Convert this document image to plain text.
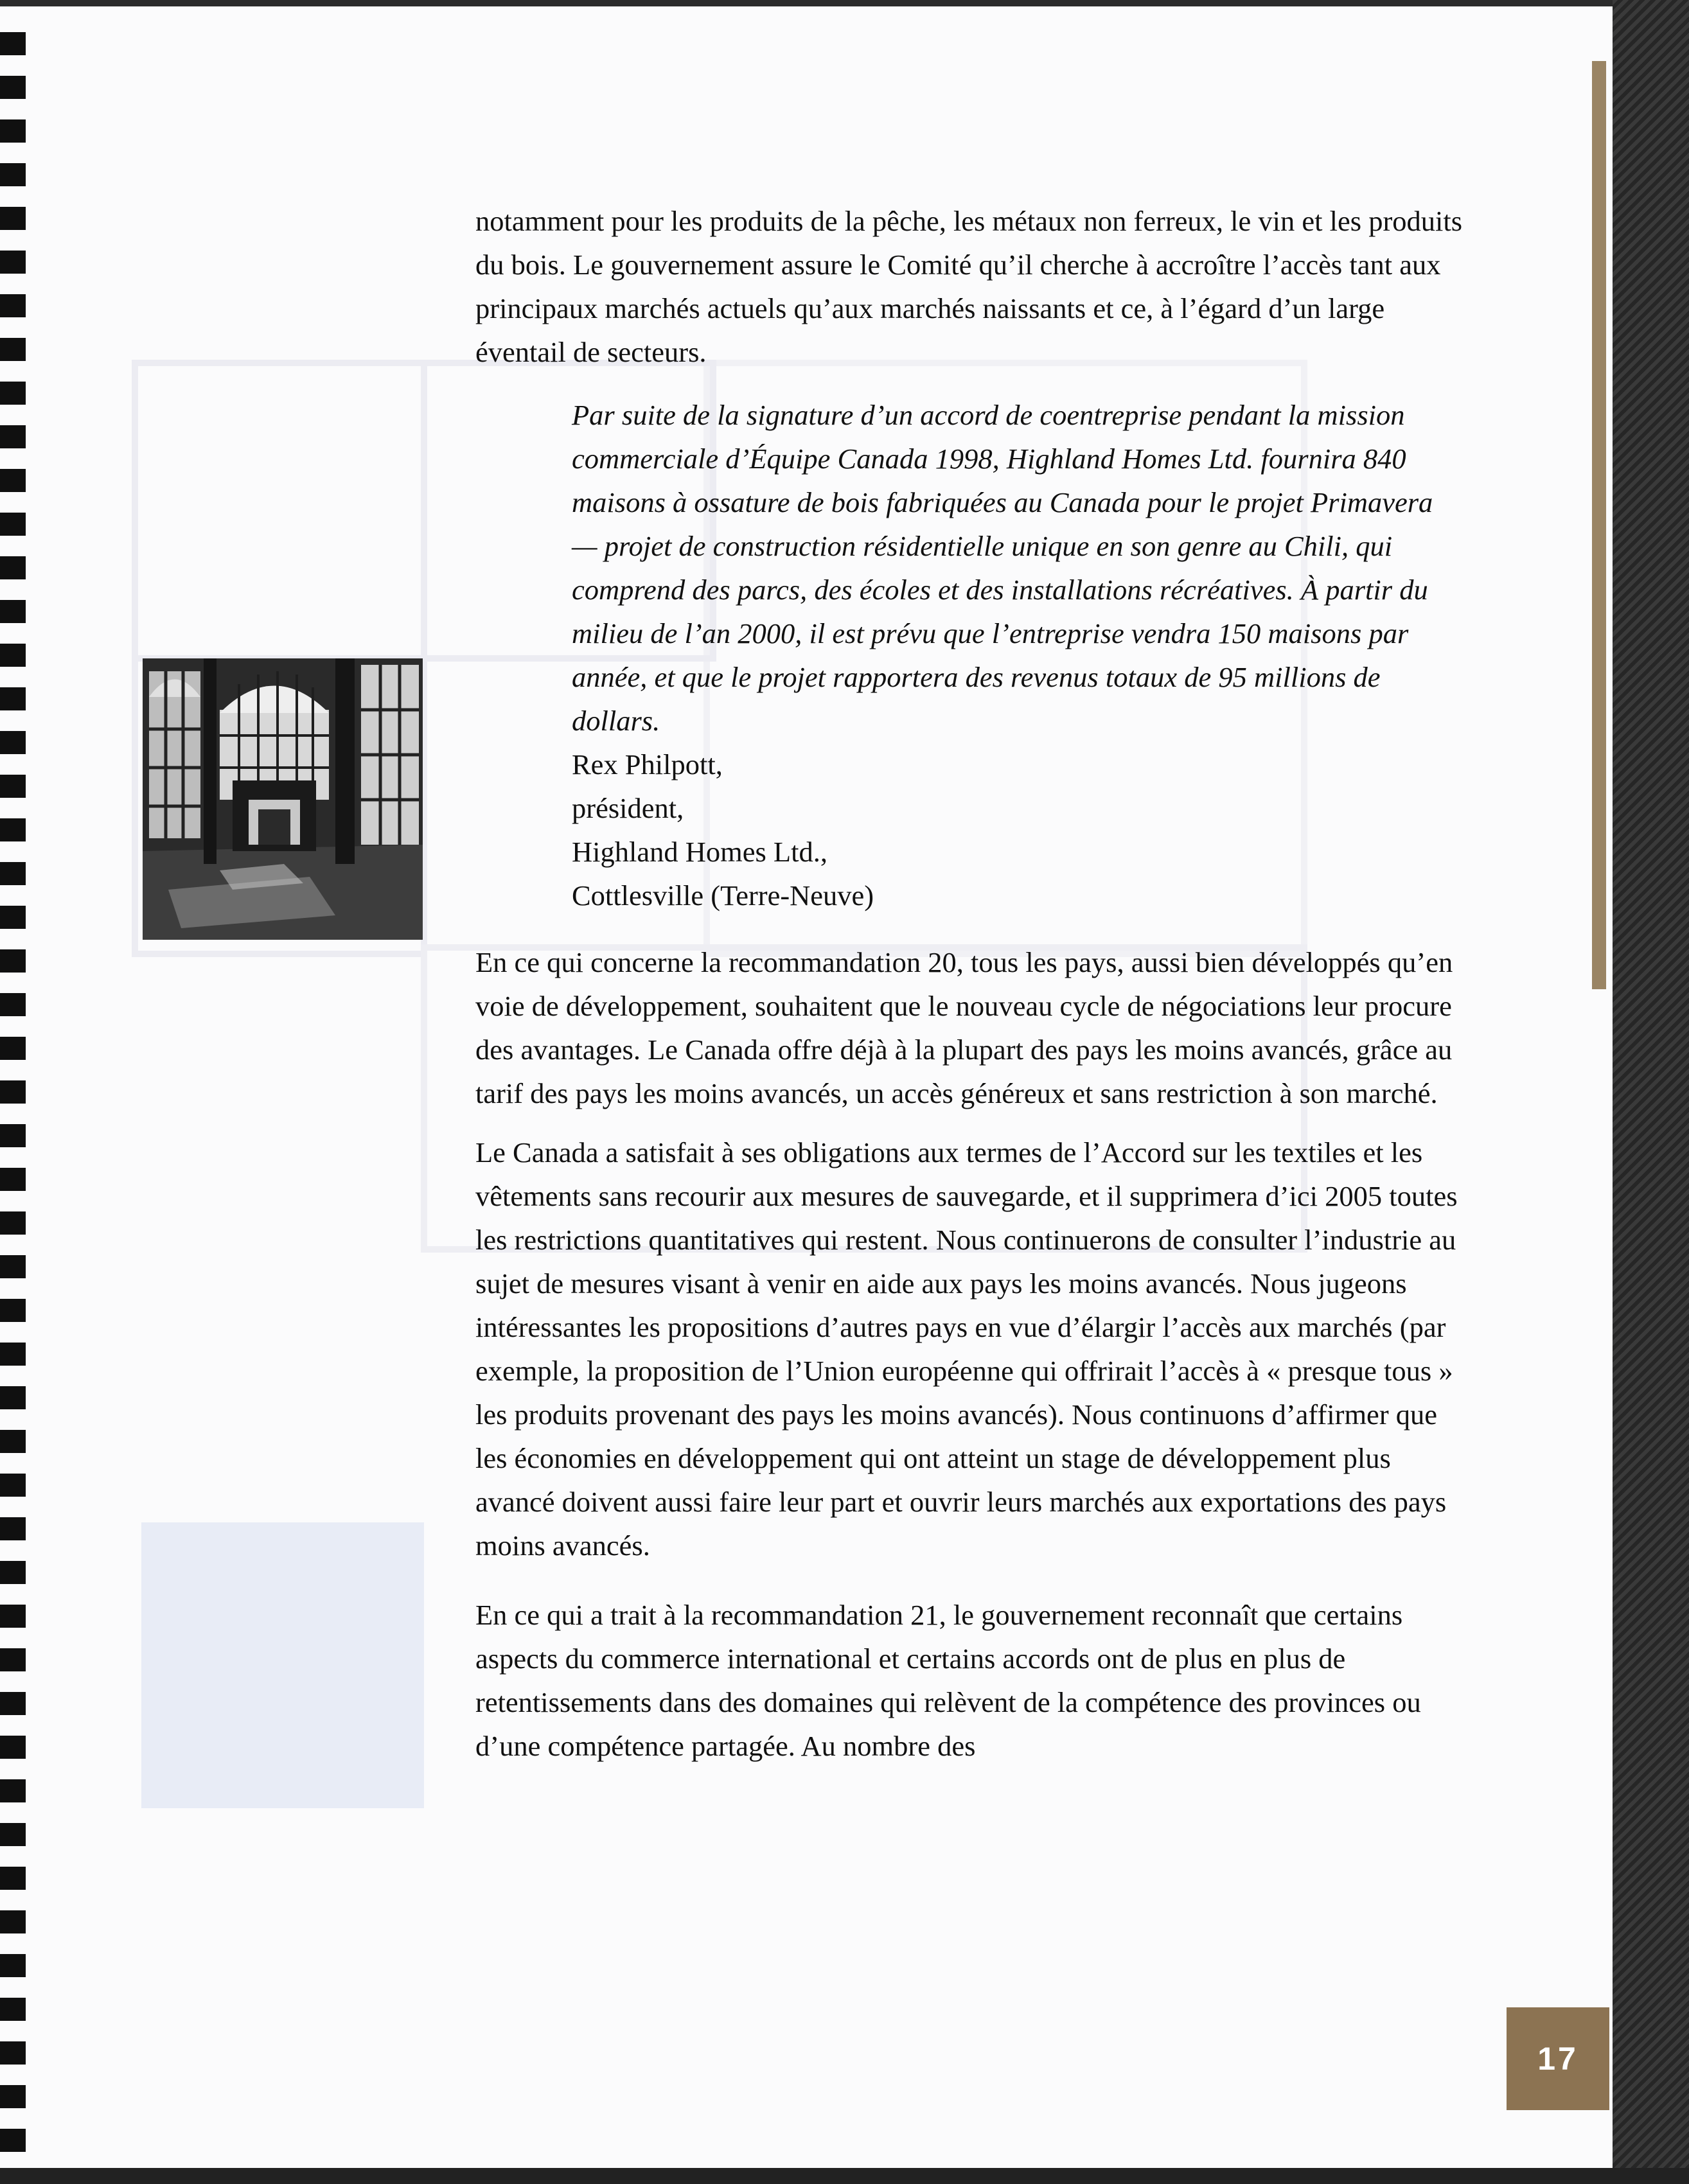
notamment pour les produits de la pêche, les métaux non ferreux, le vin et les produits du bois. Le gouvernement assure le Comité qu’il cherche à accroître l’accès tant aux principaux marchés actuels qu’aux marchés naissants et ce, à l’égard d’un large éventail de secteurs.

Par suite de la signature d’un accord de coentreprise pendant la mission commerciale d’Équipe Canada 1998, Highland Homes Ltd. fournira 840 maisons à ossature de bois fabriquées au Canada pour le projet Primavera — projet de construction résidentielle unique en son genre au Chili, qui comprend des parcs, des écoles et des installations récréatives. À partir du milieu de l’an 2000, il est prévu que l’entreprise vendra 150 maisons par année, et que le projet rapportera des revenus totaux de 95 millions de dollars.

Rex Philpott,

président,

Highland Homes Ltd.,

Cottlesville (Terre-Neuve)

En ce qui concerne la recommandation 20, tous les pays, aussi bien développés qu’en voie de développement, souhaitent que le nouveau cycle de négociations leur procure des avantages. Le Canada offre déjà à la plupart des pays les moins avancés, grâce au tarif des pays les moins avancés, un accès généreux et sans restriction à son marché.

Le Canada a satisfait à ses obligations aux termes de l’Accord sur les textiles et les vêtements sans recourir aux mesures de sauvegarde, et il supprimera d’ici 2005 toutes les restrictions quantitatives qui restent. Nous continuerons de consulter l’industrie au sujet de mesures visant à venir en aide aux pays les moins avancés. Nous jugeons intéressantes les propositions d’autres pays en vue d’élargir l’accès aux marchés (par exemple, la proposition de l’Union européenne qui offrirait l’accès à « presque tous » les produits provenant des pays les moins avancés). Nous continuons d’affirmer que les économies en développement qui ont atteint un stage de développement plus avancé doivent aussi faire leur part et ouvrir leurs marchés aux exportations des pays moins avancés.

En ce qui a trait à la recommandation 21, le gouvernement reconnaît que certains aspects du commerce international et certains accords ont de plus en plus de retentissements dans des domaines qui relèvent de la compétence des provinces ou d’une compétence partagée. Au nombre des

17
